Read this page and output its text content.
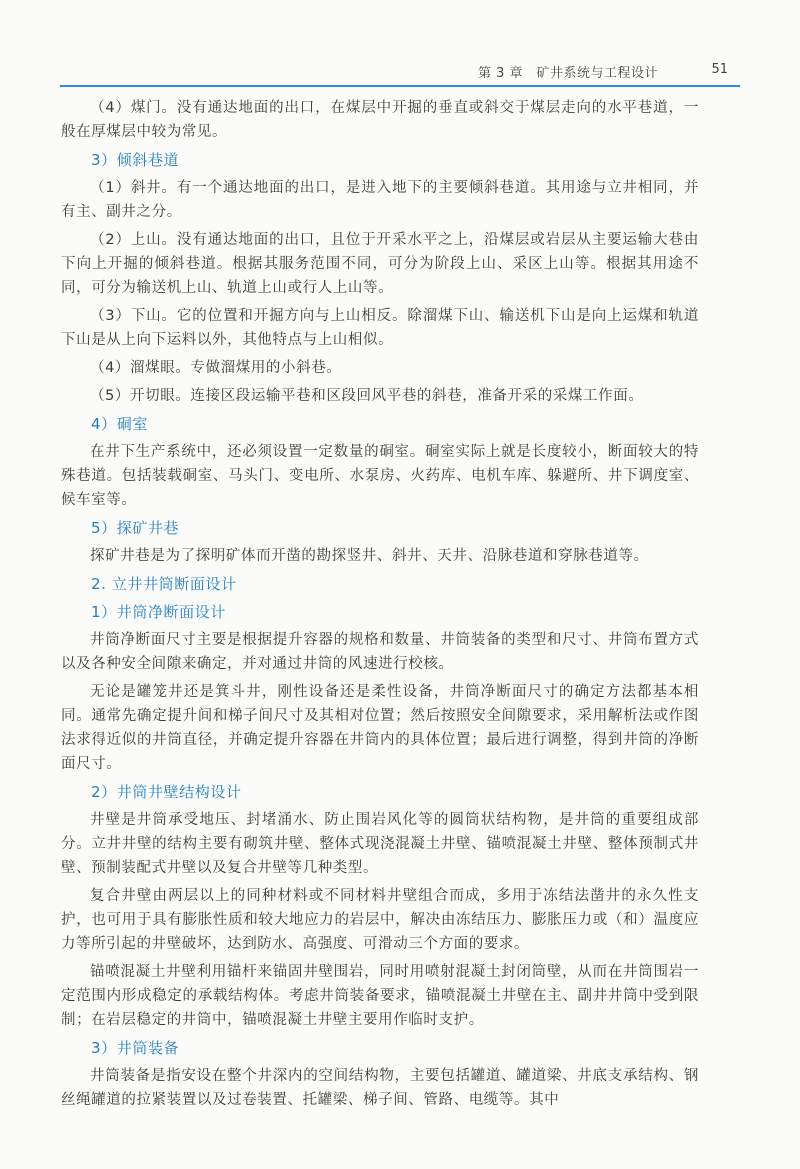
第 3 章　矿井系统与工程设计	51
（4）煤门。没有通达地面的出口，在煤层中开掘的垂直或斜交于煤层走向的水平巷道，一般在厚煤层中较为常见。
3）倾斜巷道
（1）斜井。有一个通达地面的出口，是进入地下的主要倾斜巷道。其用途与立井相同，并有主、副井之分。
（2）上山。没有通达地面的出口，且位于开采水平之上，沿煤层或岩层从主要运输大巷由下向上开掘的倾斜巷道。根据其服务范围不同，可分为阶段上山、采区上山等。根据其用途不同，可分为输送机上山、轨道上山或行人上山等。
（3）下山。它的位置和开掘方向与上山相反。除溜煤下山、输送机下山是向上运煤和轨道下山是从上向下运料以外，其他特点与上山相似。
（4）溜煤眼。专做溜煤用的小斜巷。
（5）开切眼。连接区段运输平巷和区段回风平巷的斜巷，准备开采的采煤工作面。
4）硐室
在井下生产系统中，还必须设置一定数量的硐室。硐室实际上就是长度较小，断面较大的特殊巷道。包括装载硐室、马头门、变电所、水泵房、火药库、电机车库、躲避所、井下调度室、候车室等。
5）探矿井巷
探矿井巷是为了探明矿体而开凿的勘探竖井、斜井、天井、沿脉巷道和穿脉巷道等。
2. 立井井筒断面设计
1）井筒净断面设计
井筒净断面尺寸主要是根据提升容器的规格和数量、井筒装备的类型和尺寸、井筒布置方式以及各种安全间隙来确定，并对通过井筒的风速进行校核。
无论是罐笼井还是箕斗井，刚性设备还是柔性设备，井筒净断面尺寸的确定方法都基本相同。通常先确定提升间和梯子间尺寸及其相对位置；然后按照安全间隙要求，采用解析法或作图法求得近似的井筒直径，并确定提升容器在井筒内的具体位置；最后进行调整，得到井筒的净断面尺寸。
2）井筒井壁结构设计
井壁是井筒承受地压、封堵涌水、防止围岩风化等的圆筒状结构物，是井筒的重要组成部分。立井井壁的结构主要有砌筑井壁、整体式现浇混凝土井壁、锚喷混凝土井壁、整体预制式井壁、预制装配式井壁以及复合井壁等几种类型。
复合井壁由两层以上的同种材料或不同材料井壁组合而成，多用于冻结法凿井的永久性支护，也可用于具有膨胀性质和较大地应力的岩层中，解决由冻结压力、膨胀压力或（和）温度应力等所引起的井壁破坏，达到防水、高强度、可滑动三个方面的要求。
锚喷混凝土井壁利用锚杆来锚固井壁围岩，同时用喷射混凝土封闭筒壁，从而在井筒围岩一定范围内形成稳定的承载结构体。考虑井筒装备要求，锚喷混凝土井壁在主、副井井筒中受到限制；在岩层稳定的井筒中，锚喷混凝土井壁主要用作临时支护。
3）井筒装备
井筒装备是指安设在整个井深内的空间结构物，主要包括罐道、罐道梁、井底支承结构、钢丝绳罐道的拉紧装置以及过卷装置、托罐梁、梯子间、管路、电缆等。其中
